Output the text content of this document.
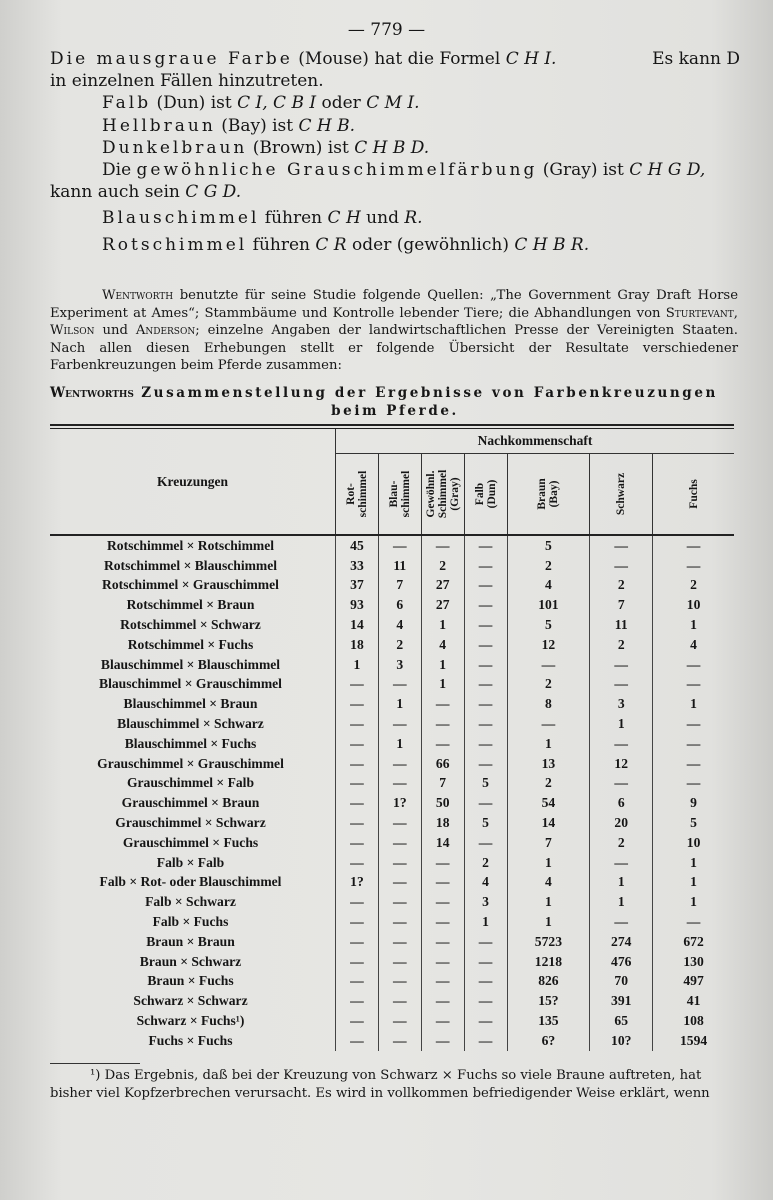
— 779 —
Die mausgraue Farbe (Mouse) hat die Formel C H I.	Es kann D
in einzelnen Fällen hinzutreten.
Falb (Dun) ist C I, C B I oder C M I.
Hellbraun (Bay) ist C H B.
Dunkelbraun (Brown) ist C H B D.
Die gewöhnliche Grauschimmelfärbung (Gray) ist C H G D,
kann auch sein C G D.
Blauschimmel führen C H und R.
Rotschimmel führen C R oder (gewöhnlich) C H B R.
Wentworth benutzte für seine Studie folgende Quellen: „The Government Gray Draft Horse Experiment at Ames“; Stammbäume und Kontrolle lebender Tiere; die Abhandlungen von Sturtevant, Wilson und Anderson; einzelne Angaben der landwirtschaftlichen Presse der Vereinigten Staaten. Nach allen diesen Erhebungen stellt er folgende Übersicht der Resultate verschiedener Farbenkreuzungen beim Pferde zusammen:
Wentworths Zusammenstellung der Ergebnisse von Farbenkreuzungen
beim Pferde.
Kreuzungen	Nachkommenschaft						

	Rot-
schimmel	Blau-
schimmel	Gewöhnl.
Schimmel
(Gray)	Falb
(Dun)	Braun
(Bay)	Schwarz	Fuchs

Rotschimmel × Rotschimmel	45	—	—	—	5	—	—
Rotschimmel × Blauschimmel	33	11	2	—	2	—	—
Rotschimmel × Grauschimmel	37	7	27	—	4	2	2
Rotschimmel × Braun	93	6	27	—	101	7	10
Rotschimmel × Schwarz	14	4	1	—	5	11	1
Rotschimmel × Fuchs	18	2	4	—	12	2	4
Blauschimmel × Blauschimmel	1	3	1	—	—	—	—
Blauschimmel × Grauschimmel	—	—	1	—	2	—	—
Blauschimmel × Braun	—	1	—	—	8	3	1
Blauschimmel × Schwarz	—	—	—	—	—	1	—
Blauschimmel × Fuchs	—	1	—	—	1	—	—
Grauschimmel × Grauschimmel	—	—	66	—	13	12	—
Grauschimmel × Falb	—	—	7	5	2	—	—
Grauschimmel × Braun	—	1?	50	—	54	6	9
Grauschimmel × Schwarz	—	—	18	5	14	20	5
Grauschimmel × Fuchs	—	—	14	—	7	2	10
Falb × Falb	—	—	—	2	1	—	1
Falb × Rot- oder Blauschimmel	1?	—	—	4	4	1	1
Falb × Schwarz	—	—	—	3	1	1	1
Falb × Fuchs	—	—	—	1	1	—	—
Braun × Braun	—	—	—	—	5723	274	672
Braun × Schwarz	—	—	—	—	1218	476	130
Braun × Fuchs	—	—	—	—	826	70	497
Schwarz × Schwarz	—	—	—	—	15?	391	41
Schwarz × Fuchs¹)	—	—	—	—	135	65	108
Fuchs × Fuchs	—	—	—	—	6?	10?	1594
¹) Das Ergebnis, daß bei der Kreuzung von Schwarz × Fuchs so viele Braune auftreten, hat bisher viel Kopfzerbrechen verursacht. Es wird in vollkommen befriedigender Weise erklärt, wenn
